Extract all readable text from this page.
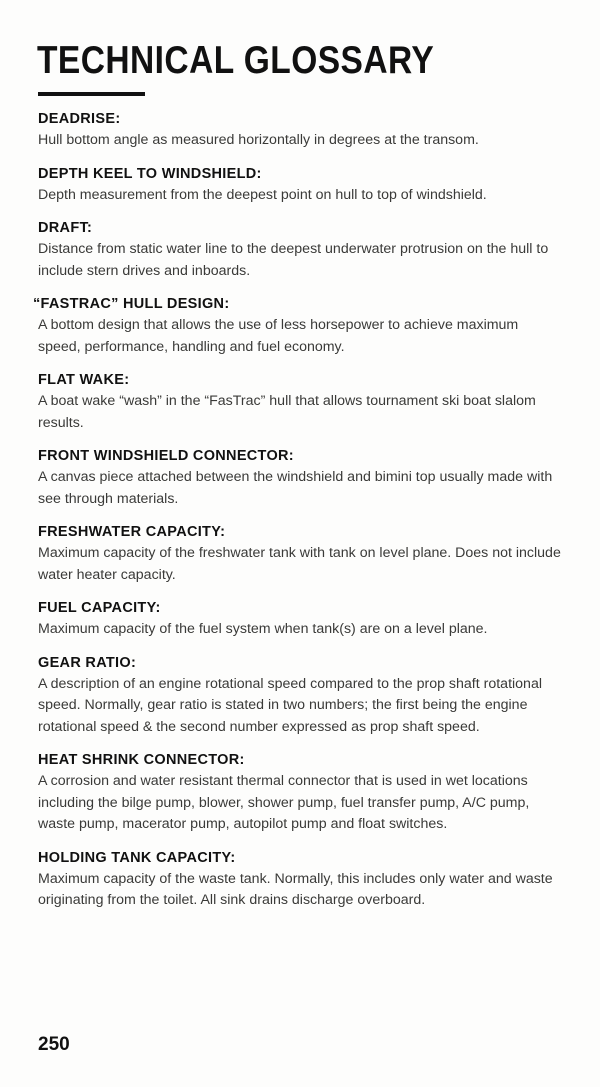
TECHNICAL GLOSSARY
DEADRISE:

Hull bottom angle as measured horizontally in degrees at the transom.

DEPTH KEEL TO WINDSHIELD:

Depth measurement from the deepest point on hull to top of windshield.

DRAFT:

Distance from static water line to the deepest underwater protrusion on the hull to include stern drives and inboards.

“FASTRAC” HULL DESIGN:

A bottom design that allows the use of less horsepower to achieve maximum speed, performance, handling and fuel economy.

FLAT WAKE:

A boat wake “wash” in the “FasTrac” hull that allows tournament ski boat slalom results.

FRONT WINDSHIELD CONNECTOR:

A canvas piece attached between the windshield and bimini top usually made with see through materials.

FRESHWATER CAPACITY:

Maximum capacity of the freshwater tank with tank on level plane. Does not include water heater capacity.

FUEL CAPACITY:

Maximum capacity of the fuel system when tank(s) are on a level plane.

GEAR RATIO:

A description of an engine rotational speed compared to the prop shaft rotational speed. Normally, gear ratio is stated in two numbers; the first being the engine rotational speed & the second number expressed as prop shaft speed.

HEAT SHRINK CONNECTOR:

A corrosion and water resistant thermal connector that is used in wet locations including the bilge pump, blower, shower pump, fuel transfer pump, A/C pump, waste pump, macerator pump, autopilot pump and float switches.

HOLDING TANK CAPACITY:

Maximum capacity of the waste tank. Normally, this includes only water and waste originating from the toilet. All sink drains discharge overboard.

250
